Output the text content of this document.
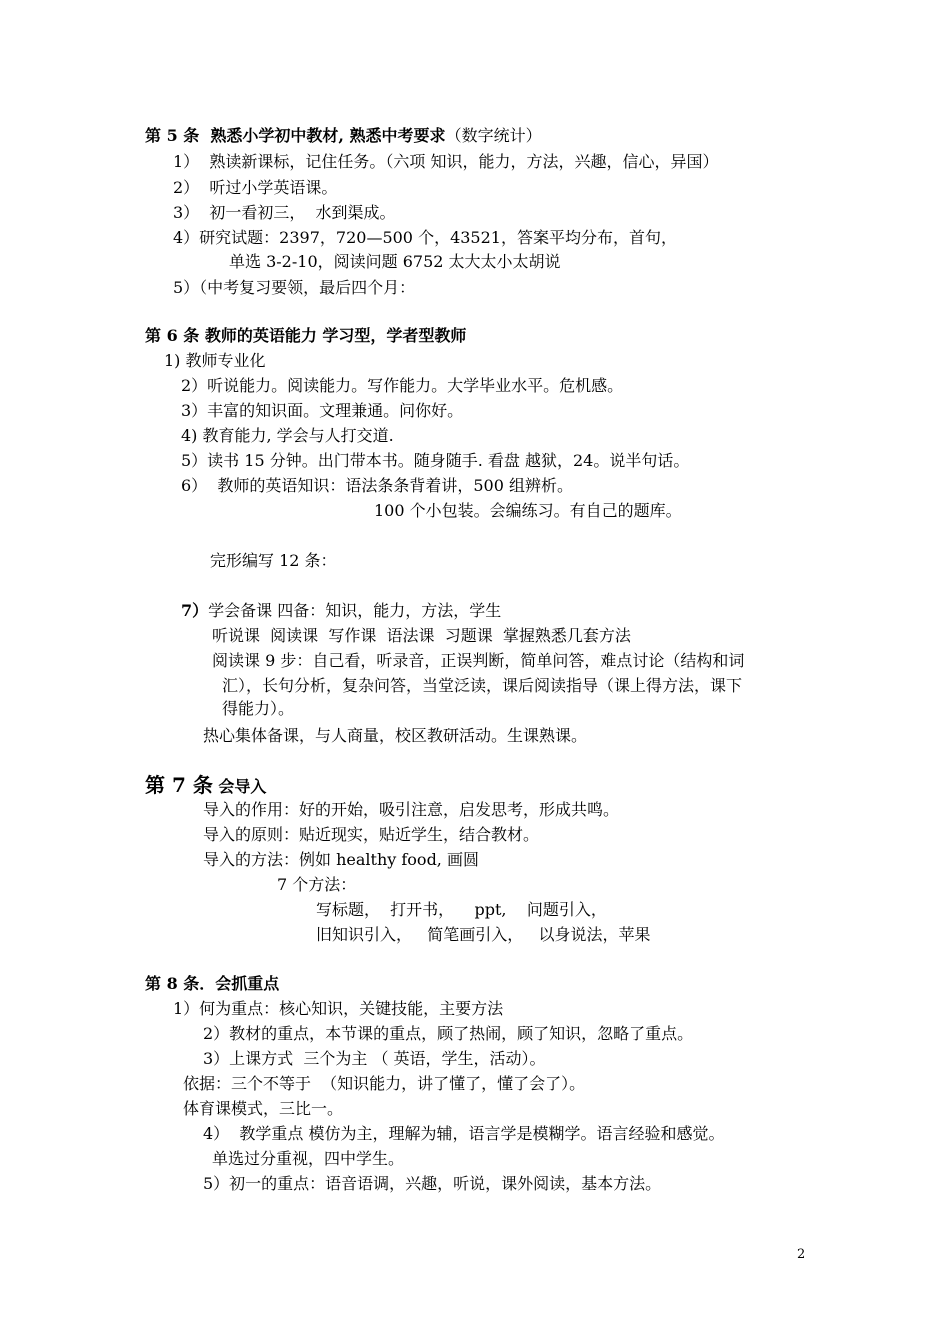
第 5 条  熟悉小学初中教材, 熟悉中考要求（数字统计）
1）  熟读新课标，记住任务。（六项 知识，能力，方法，兴趣，信心，异国）
2）  听过小学英语课。
3）  初一看初三，  水到渠成。
4）研究试题：2397，720—500 个，43521，答案平均分布，首句，
单选 3-2-10，阅读问题 6752 太大太小太胡说
5）（中考复习要领，最后四个月：
第 6 条 教师的英语能力 学习型，学者型教师
1) 教师专业化
2）听说能力。阅读能力。写作能力。大学毕业水平。危机感。
3）丰富的知识面。文理兼通。问你好。
4) 教育能力, 学会与人打交道.
5）读书 15 分钟。出门带本书。随身随手. 看盘 越狱，24。说半句话。
6）  教师的英语知识：语法条条背着讲，500 组辨析。
100 个小包装。会编练习。有自己的题库。
完形编写 12 条：
7）学会备课 四备：知识，能力，方法，学生
听说课  阅读课  写作课  语法课  习题课  掌握熟悉几套方法
阅读课 9 步：自己看，听录音，正误判断，简单问答，难点讨论（结构和词
汇），长句分析，复杂问答，当堂泛读，课后阅读指导（课上得方法，课下
得能力）。
热心集体备课，与人商量，校区教研活动。生课熟课。
第 7 条 会导入
导入的作用：好的开始，吸引注意，启发思考，形成共鸣。
导入的原则：贴近现实，贴近学生，结合教材。
导入的方法：例如 healthy food, 画圆
7 个方法：
写标题，  打开书，    ppt,    问题引入，
旧知识引入，   简笔画引入，   以身说法，苹果
第 8 条．会抓重点
1）何为重点：核心知识，关键技能，主要方法
2）教材的重点，本节课的重点，顾了热闹，顾了知识，忽略了重点。
3）上课方式  三个为主 （ 英语，学生，活动）。
依据：三个不等于  （知识能力，讲了懂了，懂了会了）。
体育课模式，三比一。
4）  教学重点 模仿为主，理解为辅，语言学是模糊学。语言经验和感觉。
单选过分重视，四中学生。
5）初一的重点：语音语调，兴趣，听说，课外阅读，基本方法。
2
